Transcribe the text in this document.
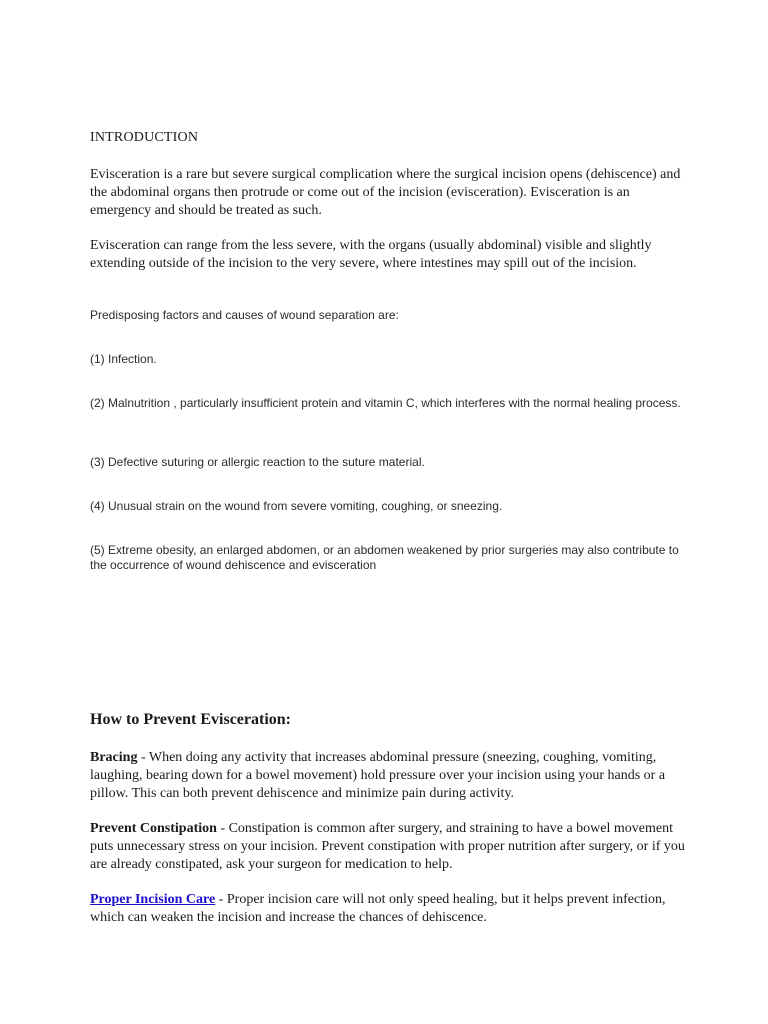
INTRODUCTION

Evisceration is a rare but severe surgical complication where the surgical incision opens (dehiscence) and the abdominal organs then protrude or come out of the incision (evisceration). Evisceration is an emergency and should be treated as such.

Evisceration can range from the less severe, with the organs (usually abdominal) visible and slightly extending outside of the incision to the very severe, where intestines may spill out of the incision.

Predisposing factors and causes of wound separation are:

(1) Infection.

(2) Malnutrition , particularly insufficient protein and vitamin C, which interferes with the normal healing process.

(3) Defective suturing or allergic reaction to the suture material.

(4) Unusual strain on the wound from severe vomiting, coughing, or sneezing.

(5) Extreme obesity, an enlarged abdomen, or an abdomen weakened by prior surgeries may also contribute to the occurrence of wound dehiscence and evisceration

How to Prevent Evisceration:

Bracing - When doing any activity that increases abdominal pressure (sneezing, coughing, vomiting, laughing, bearing down for a bowel movement) hold pressure over your incision using your hands or a pillow. This can both prevent dehiscence and minimize pain during activity.

Prevent Constipation - Constipation is common after surgery, and straining to have a bowel movement puts unnecessary stress on your incision. Prevent constipation with proper nutrition after surgery, or if you are already constipated, ask your surgeon for medication to help.

Proper Incision Care - Proper incision care will not only speed healing, but it helps prevent infection, which can weaken the incision and increase the chances of dehiscence.
